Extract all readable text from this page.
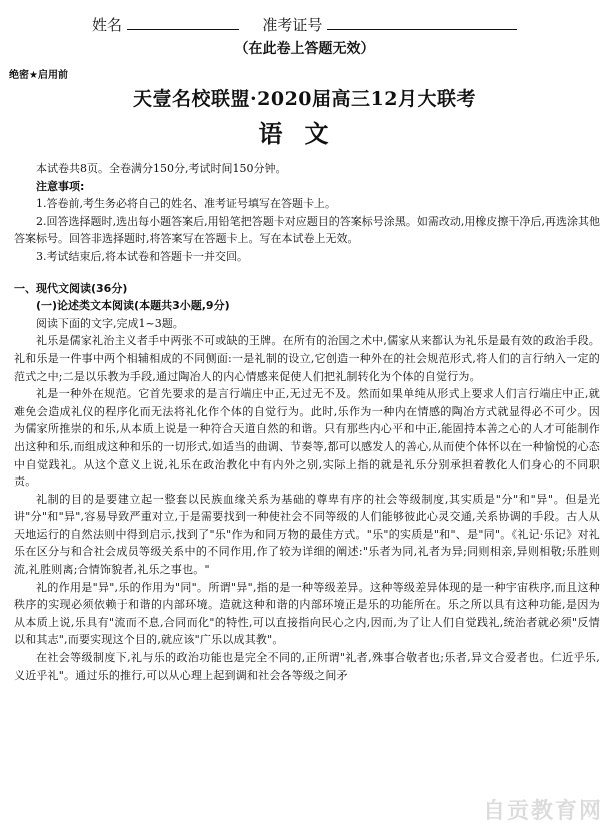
姓名	准考证号
（在此卷上答题无效）
绝密★启用前
天壹名校联盟·2020届高三12月大联考
语文

本试卷共8页。全卷满分150分,考试时间150分钟。

注意事项:

1.答卷前,考生务必将自己的姓名、准考证号填写在答题卡上。

2.回答选择题时,选出每小题答案后,用铅笔把答题卡对应题目的答案标号涂黑。如需改动,用橡皮擦干净后,再选涂其他答案标号。回答非选择题时,将答案写在答题卡上。写在本试卷上无效。

3.考试结束后,将本试卷和答题卡一并交回。

一、现代文阅读(36分)

(一)论述类文本阅读(本题共3小题,9分)

阅读下面的文字,完成1~3题。

礼乐是儒家礼治主义者手中两张不可或缺的王牌。在所有的治国之术中,儒家从来都认为礼乐是最有效的政治手段。礼和乐是一件事中两个相辅相成的不同侧面:一是礼制的设立,它创造一种外在的社会规范形式,将人们的言行纳入一定的范式之中;二是以乐教为手段,通过陶冶人的内心情感来促使人们把礼制转化为个体的自觉行为。

礼是一种外在规范。它首先要求的是言行端庄中正,无过无不及。然而如果单纯从形式上要求人们言行端庄中正,就难免会造成礼仪的程序化而无法将礼化作个体的自觉行为。此时,乐作为一种内在情感的陶冶方式就显得必不可少。因为儒家所推崇的和乐,从本质上说是一种符合天道自然的和谐。只有那些内心平和中正,能固持本善之心的人才可能制作出这种和乐,而组成这种和乐的一切形式,如适当的曲调、节奏等,都可以感发人的善心,从而使个体怀以在一种愉悦的心态中自觉践礼。从这个意义上说,礼乐在政治教化中有内外之别,实际上指的就是礼乐分别承担着教化人们身心的不同职责。

礼制的目的是要建立起一整套以民族血缘关系为基础的尊卑有序的社会等级制度,其实质是"分"和"异"。但是光讲"分"和"异",容易导致严重对立,于是需要找到一种使社会不同等级的人们能够彼此心灵交通,关系协调的手段。古人从天地运行的自然法则中得到启示,找到了"乐"作为和同万物的最佳方式。"乐"的实质是"和"、是"同"。《礼记·乐记》对礼乐在区分与和合社会成员等级关系中的不同作用,作了较为详细的阐述:"乐者为同,礼者为异;同则相亲,异则相敬;乐胜则流,礼胜则离;合情饰貌者,礼乐之事也。"

礼的作用是"异",乐的作用为"同"。所谓"异",指的是一种等级差异。这种等级差异体现的是一种宇宙秩序,而且这种秩序的实现必须依赖于和谐的内部环境。造就这种和谐的内部环境正是乐的功能所在。乐之所以具有这种功能,是因为从本质上说,乐具有"流而不息,合同而化"的特性,可以直接指向民心之内,因而,为了让人们自觉践礼,统治者就必须"反情以和其志",而要实现这个目的,就应该"广乐以成其教"。

在社会等级制度下,礼与乐的政治功能也是完全不同的,正所谓"礼者,殊事合敬者也;乐者,异文合爱者也。仁近乎乐,义近乎礼"。通过乐的推行,可以从心理上起到调和社会各等级之间矛

自贡教育网
